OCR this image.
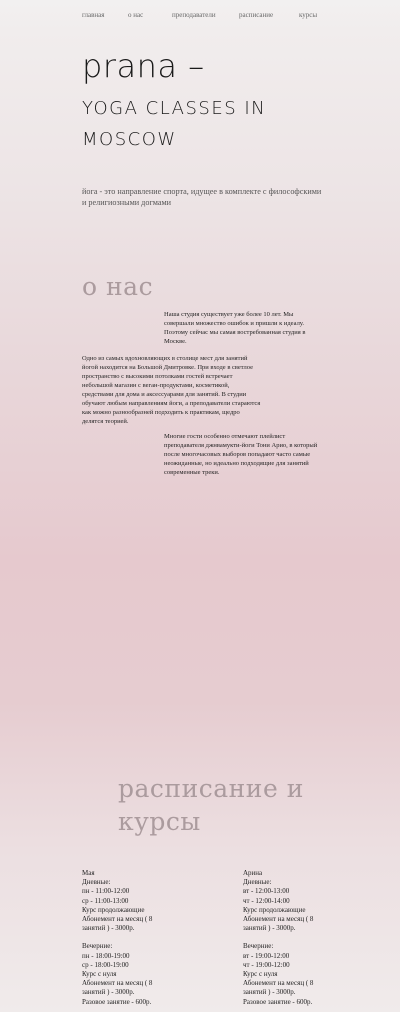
главная	о нас	преподаватели	расписание	курсы
prana –
YOGA CLASSES IN MOSCOW

йога - это направление спорта, идущее в комплекте с философскими и религиозными догмами

о нас

Наша студия существует уже более 10 лет. Мы совершали множество ошибок и пришли к идеалу. Поэтому сейчас мы самая востребованная студия в Москве.

Одно из самых вдохновляющих в столице мест для занятий йогой находится на Большой Дмитровке. При входе в светлое пространство с высокими потолками гостей встречает небольшой магазин с веган-продуктами, косметикой, средствами для дома и аксессуарами для занятий. В студии обучают любым направлениям йоги, а преподаватели стараются как можно разнообразней подходить к практикам, щедро делятся теорией.

Многие гости особенно отмечают плейлист преподавателя джнвамукти-йоги Тони Арио, в который после многочасовых выборов попадают часто самые неожиданные, но идеально подходящие для занятий современные треки.

расписание и курсы
Мая
Дневные:
пн - 11:00-12:00
ср - 11:00-13:00
Курс продолжающие
Абонемент на месяц ( 8 занятий ) - 3000р.
Вечерние:
пн - 18:00-19:00
ср - 18:00-19:00
Курс с нуля
Абонемент на месяц ( 8 занятий ) - 3000р.
Разовое занятие - 600р.
Арина
Дневные:
вт - 12:00-13:00
чт - 12:00-14:00
Курс продолжающие
Абонемент на месяц ( 8 занятий ) - 3000р.
Вечерние:
вт - 19:00-12:00
чт - 19:00-12:00
Курс с нуля
Абонемент на месяц ( 8 занятий ) - 3000р.
Разовое занятие - 600р.
